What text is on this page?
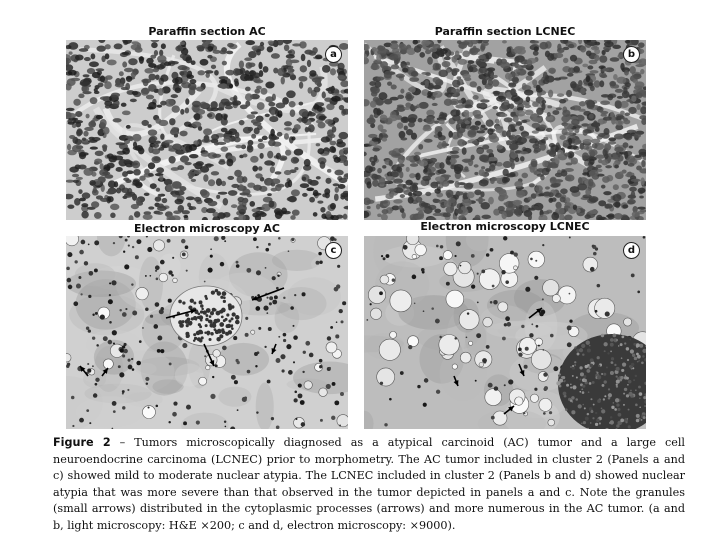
Paraffin section AC	Paraffin section LCNEC
Electron microscopy AC	Electron microscopy LCNEC
a	b
c	d
Figure 2 – Tumors microscopically diagnosed as a atypical carcinoid (AC) tumor and a large cell neuroendocrine carcinoma (LCNEC) prior to morphometry. The AC tumor included in cluster 2 (Panels a and c) showed mild to moderate nuclear atypia. The LCNEC included in cluster 2 (Panels b and d) showed nuclear atypia that was more severe than that observed in the tumor depicted in panels a and c. Note the granules (small arrows) distributed in the cytoplasmic processes (arrows) and more numerous in the AC tumor. (a and b, light microscopy: H&E ×200; c and d, electron microscopy: ×9000).
